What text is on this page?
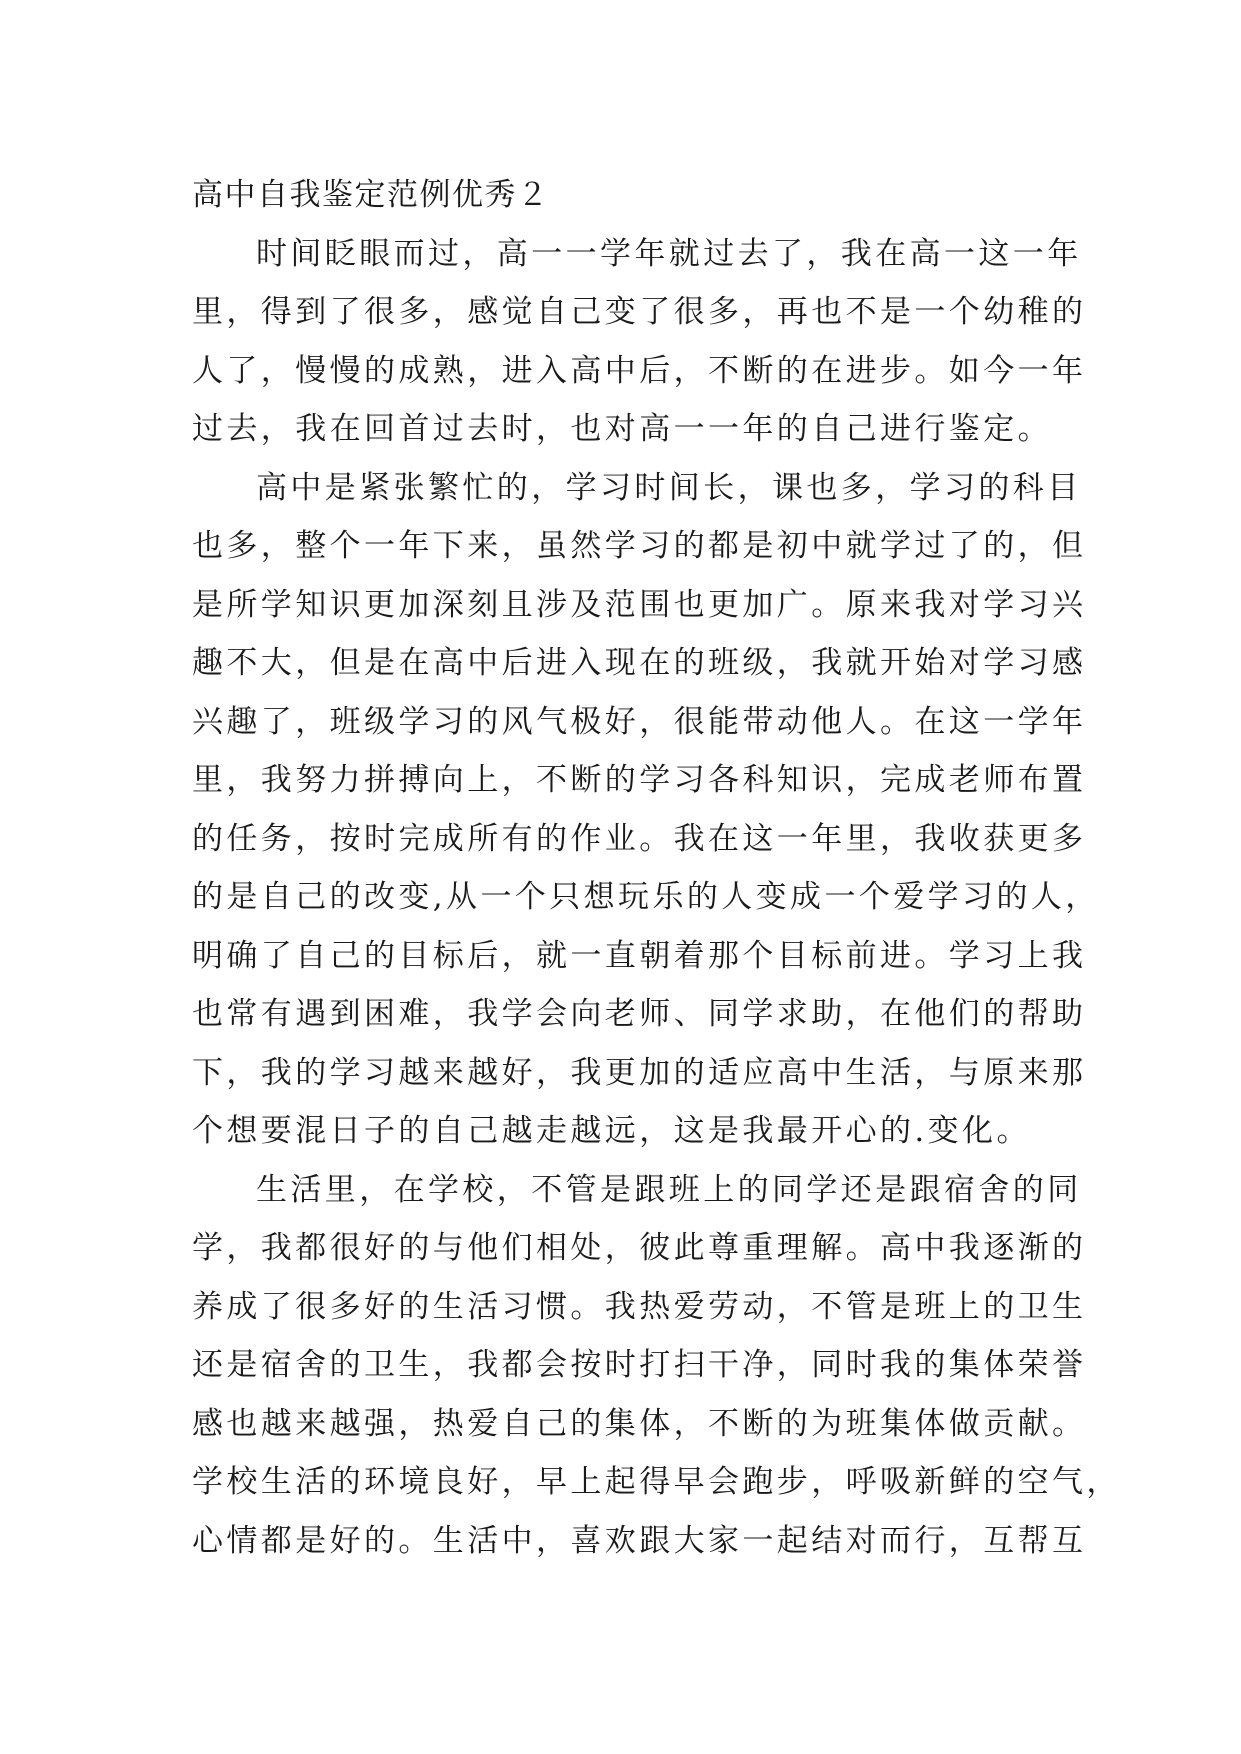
高中自我鉴定范例优秀２
时间眨眼而过，高一一学年就过去了，我在高一这一年
里，得到了很多，感觉自己变了很多，再也不是一个幼稚的
人了，慢慢的成熟，进入高中后，不断的在进步。如今一年
过去，我在回首过去时，也对高一一年的自己进行鉴定。
高中是紧张繁忙的，学习时间长，课也多，学习的科目
也多，整个一年下来，虽然学习的都是初中就学过了的，但
是所学知识更加深刻且涉及范围也更加广。原来我对学习兴
趣不大，但是在高中后进入现在的班级，我就开始对学习感
兴趣了，班级学习的风气极好，很能带动他人。在这一学年
里，我努力拼搏向上，不断的学习各科知识，完成老师布置
的任务，按时完成所有的作业。我在这一年里，我收获更多
的是自己的改变,从一个只想玩乐的人变成一个爱学习的人，
明确了自己的目标后，就一直朝着那个目标前进。学习上我
也常有遇到困难，我学会向老师、同学求助，在他们的帮助
下，我的学习越来越好，我更加的适应高中生活，与原来那
个想要混日子的自己越走越远，这是我最开心的.变化。
生活里，在学校，不管是跟班上的同学还是跟宿舍的同
学，我都很好的与他们相处，彼此尊重理解。高中我逐渐的
养成了很多好的生活习惯。我热爱劳动，不管是班上的卫生
还是宿舍的卫生，我都会按时打扫干净，同时我的集体荣誉
感也越来越强，热爱自己的集体，不断的为班集体做贡献。
学校生活的环境良好，早上起得早会跑步，呼吸新鲜的空气，
心情都是好的。生活中，喜欢跟大家一起结对而行，互帮互
